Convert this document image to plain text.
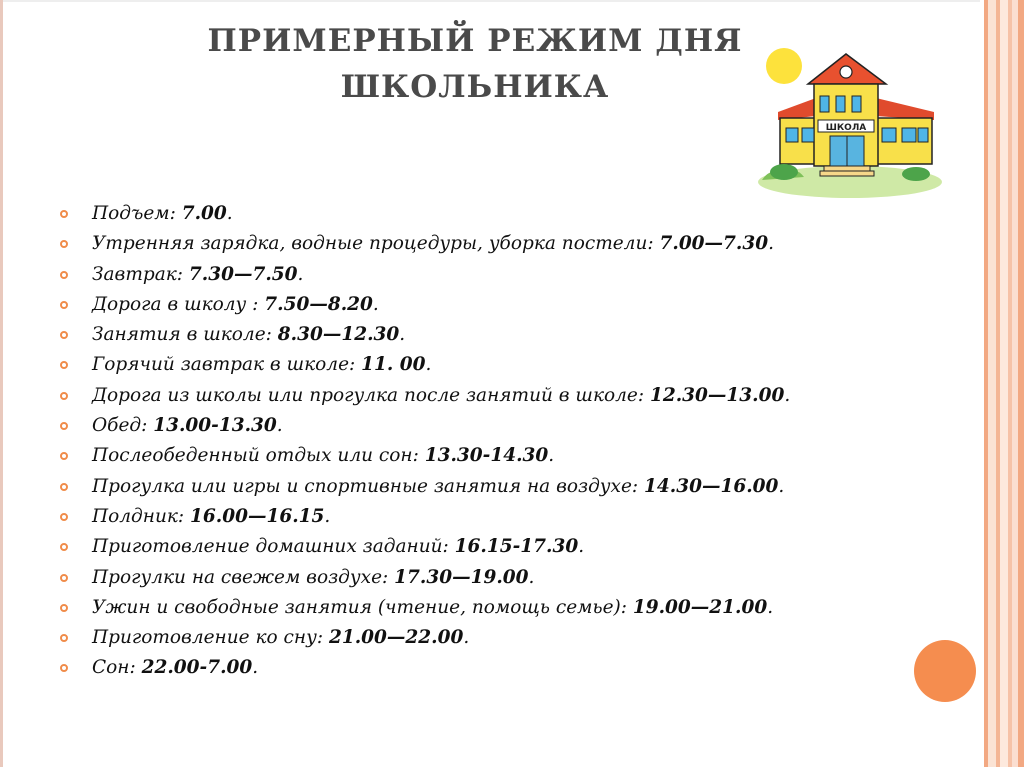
ПРИМЕРНЫЙ РЕЖИМ ДНЯ
ШКОЛЬНИКА
ШКОЛА
Подъем: 7.00.
Утренняя зарядка, водные процедуры, уборка постели: 7.00—7.30.
Завтрак: 7.30—7.50.
Дорога в школу : 7.50—8.20.
Занятия в школе: 8.30—12.30.
Горячий завтрак в школе: 11. 00.
Дорога из школы или прогулка после занятий в школе: 12.30—13.00.
Обед: 13.00-13.30.
Послеобеденный отдых или сон: 13.30-14.30.
Прогулка или игры и спортивные занятия на воздухе: 14.30—16.00.
Полдник: 16.00—16.15.
Приготовление домашних заданий: 16.15-17.30.
Прогулки на свежем воздухе: 17.30—19.00.
Ужин и свободные занятия (чтение, помощь семье): 19.00—21.00.
Приготовление ко сну: 21.00—22.00.
Сон: 22.00-7.00.
